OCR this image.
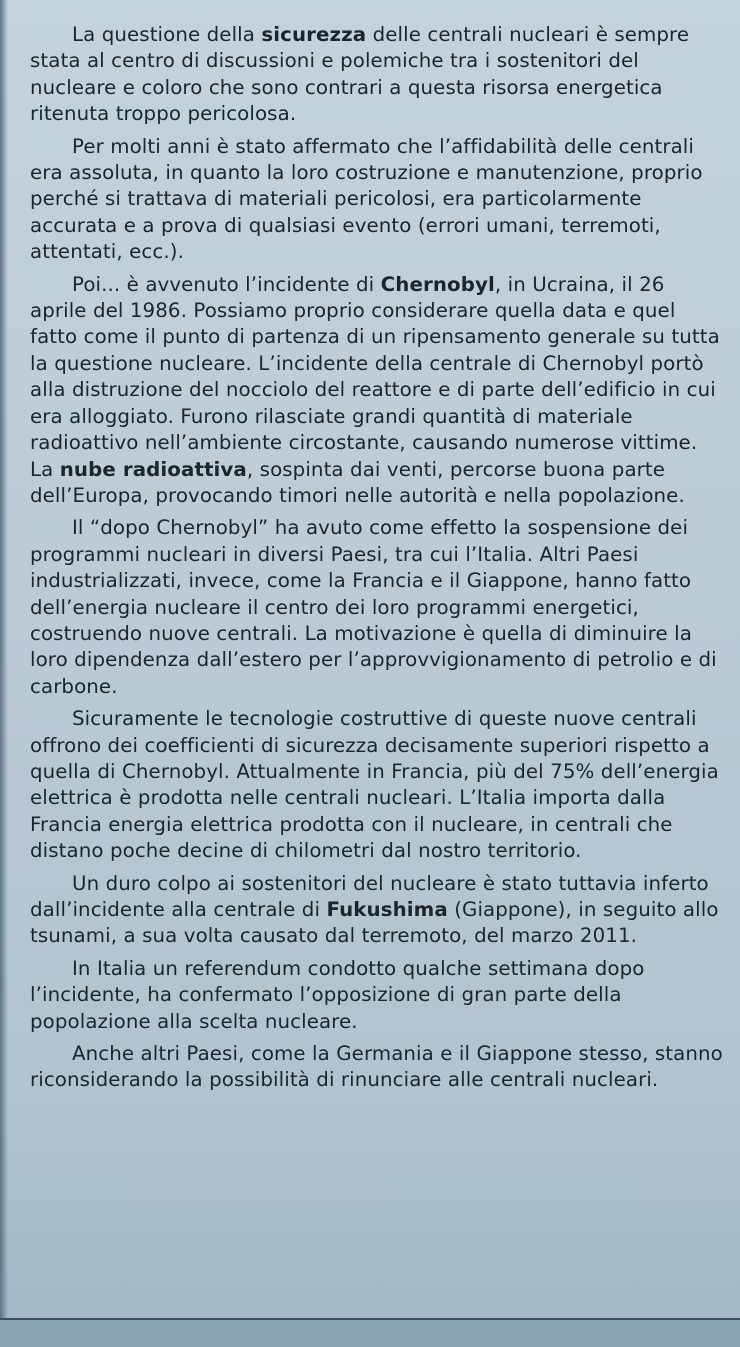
La questione della sicurezza delle centrali nucleari è sempre stata al centro di discussioni e polemiche tra i sostenitori del nucleare e coloro che sono contrari a questa risorsa energetica ritenuta troppo pericolosa.

Per molti anni è stato affermato che l’affidabilità delle centrali era assoluta, in quanto la loro costruzione e manutenzione, proprio perché si trattava di materiali pericolosi, era particolarmente accurata e a prova di qualsiasi evento (errori umani, terremoti, attentati, ecc.).

Poi... è avvenuto l’incidente di Chernobyl, in Ucraina, il 26 aprile del 1986. Possiamo proprio considerare quella data e quel fatto come il punto di partenza di un ripensamento generale su tutta la questione nucleare. L’incidente della centrale di Chernobyl portò alla distruzione del nocciolo del reattore e di parte dell’edificio in cui era alloggiato. Furono rilasciate grandi quantità di materiale radioattivo nell’ambiente circostante, causando numerose vittime. La nube radioattiva, sospinta dai venti, percorse buona parte dell’Europa, provocando timori nelle autorità e nella popolazione.

Il “dopo Chernobyl” ha avuto come effetto la sospensione dei programmi nucleari in diversi Paesi, tra cui l’Italia. Altri Paesi industrializzati, invece, come la Francia e il Giappone, hanno fatto dell’energia nucleare il centro dei loro programmi energetici, costruendo nuove centrali. La motivazione è quella di diminuire la loro dipendenza dall’estero per l’approvvigionamento di petrolio e di carbone.

Sicuramente le tecnologie costruttive di queste nuove centrali offrono dei coefficienti di sicurezza decisamente superiori rispetto a quella di Chernobyl. Attualmente in Francia, più del 75% dell’energia elettrica è prodotta nelle centrali nucleari. L’Italia importa dalla Francia energia elettrica prodotta con il nucleare, in centrali che distano poche decine di chilometri dal nostro territorio.

Un duro colpo ai sostenitori del nucleare è stato tuttavia inferto dall’incidente alla centrale di Fukushima (Giappone), in seguito allo tsunami, a sua volta causato dal terremoto, del marzo 2011.

In Italia un referendum condotto qualche settimana dopo l’incidente, ha confermato l’opposizione di gran parte della popolazione alla scelta nucleare.

Anche altri Paesi, come la Germania e il Giappone stesso, stanno riconsiderando la possibilità di rinunciare alle centrali nucleari.
